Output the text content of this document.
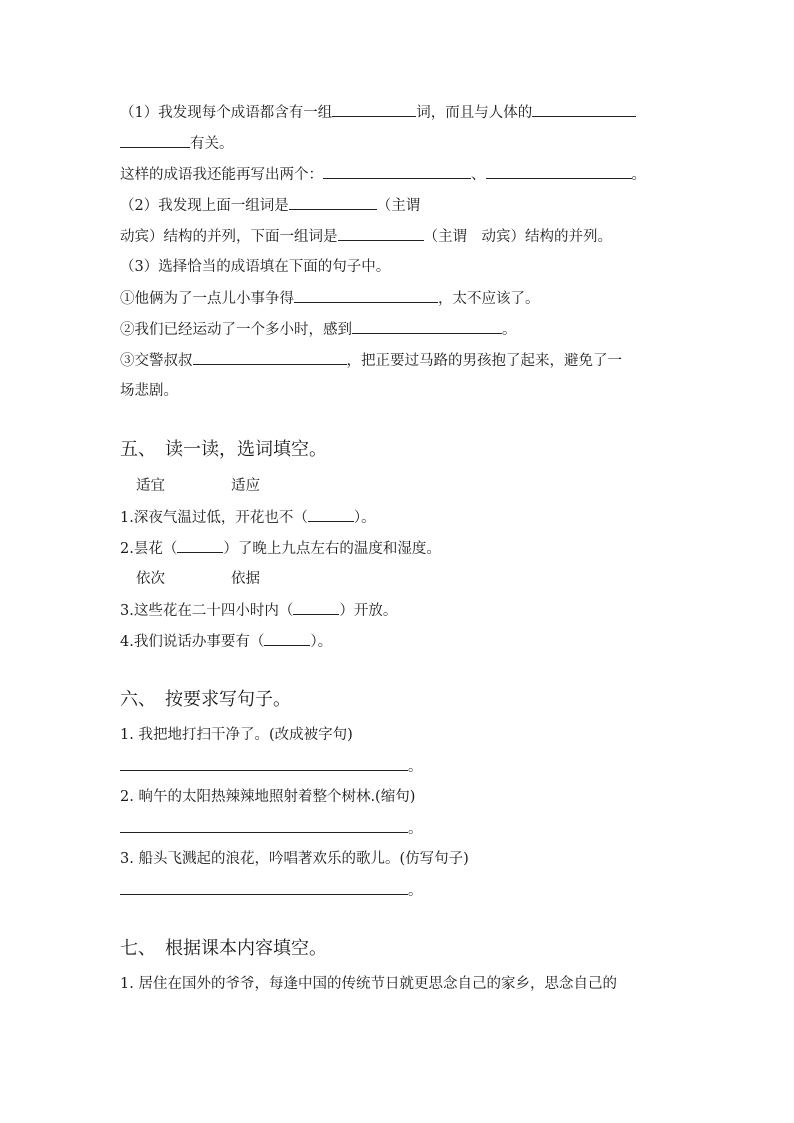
（1）我发现每个成语都含有一组	词，而且与人体的
有关。
这样的成语我还能再写出两个：	、	。
（2）我发现上面一组词是	（主谓
动宾）结构的并列，下面一组词是	（主谓　动宾）结构的并列。
（3）选择恰当的成语填在下面的句子中。
①他俩为了一点儿小事争得	，太不应该了。
②我们已经运动了一个多小时，感到	。
③交警叔叔	，把正要过马路的男孩抱了起来，避免了一
场悲剧。
五、　读一读，选词填空。
适宜	适应
1.深夜气温过低，开花也不（	）。
2.昙花（	）了晚上九点左右的温度和湿度。
依次	依据
3.这些花在二十四小时内（	）开放。
4.我们说话办事要有（	）。
六、　按要求写句子。
1. 我把地打扫干净了。(改成被字句)
。
2. 晌午的太阳热辣辣地照射着整个树林.(缩句)
。
3. 船头飞溅起的浪花，吟唱著欢乐的歌儿。(仿写句子)
。
七、　根据课本内容填空。
1. 居住在国外的爷爷，每逢中国的传统节日就更思念自己的家乡，思念自己的
